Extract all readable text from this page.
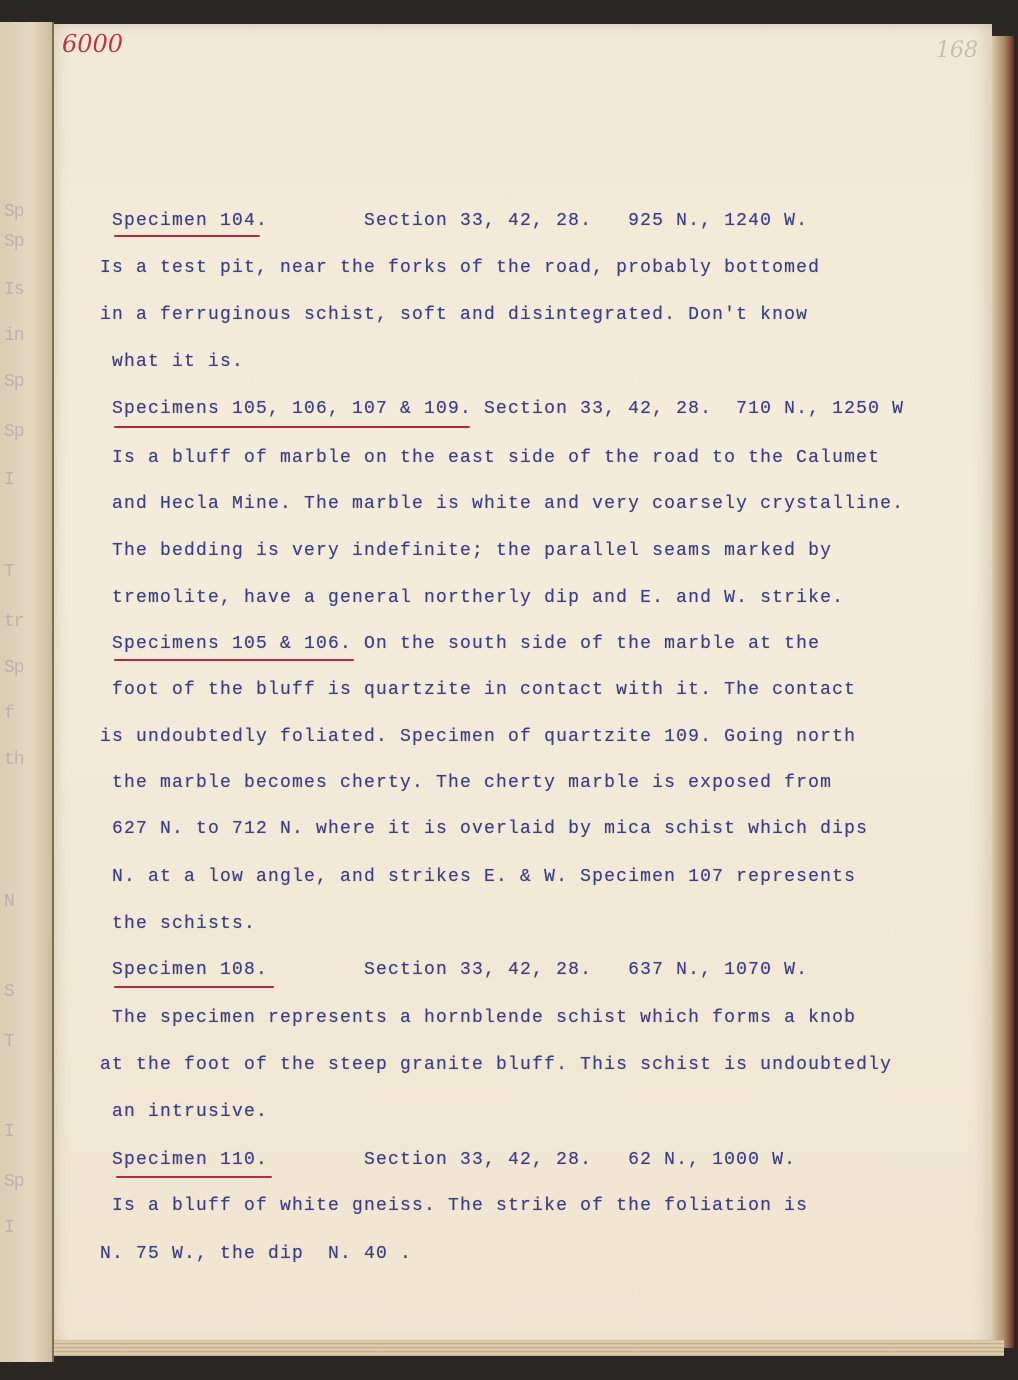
Sp
Sp
Is
in
Sp
Sp
I
T
tr
Sp
f
th
N
S
T
I
Sp
I
6000	168
Specimen 104.        Section 33, 42, 28.   925 N., 1240 W.
Is a test pit, near the forks of the road, probably bottomed
in a ferruginous schist, soft and disintegrated. Don't know
what it is.
Specimens 105, 106, 107 & 109. Section 33, 42, 28.  710 N., 1250 W
Is a bluff of marble on the east side of the road to the Calumet
and Hecla Mine. The marble is white and very coarsely crystalline.
The bedding is very indefinite; the parallel seams marked by
tremolite, have a general northerly dip and E. and W. strike.
Specimens 105 & 106. On the south side of the marble at the
foot of the bluff is quartzite in contact with it. The contact
is undoubtedly foliated. Specimen of quartzite 109. Going north
the marble becomes cherty. The cherty marble is exposed from
627 N. to 712 N. where it is overlaid by mica schist which dips
N. at a low angle, and strikes E. & W. Specimen 107 represents
the schists.
Specimen 108.        Section 33, 42, 28.   637 N., 1070 W.
The specimen represents a hornblende schist which forms a knob
at the foot of the steep granite bluff. This schist is undoubtedly
an intrusive.
Specimen 110.        Section 33, 42, 28.   62 N., 1000 W.
Is a bluff of white gneiss. The strike of the foliation is
N. 75 W., the dip  N. 40 .
